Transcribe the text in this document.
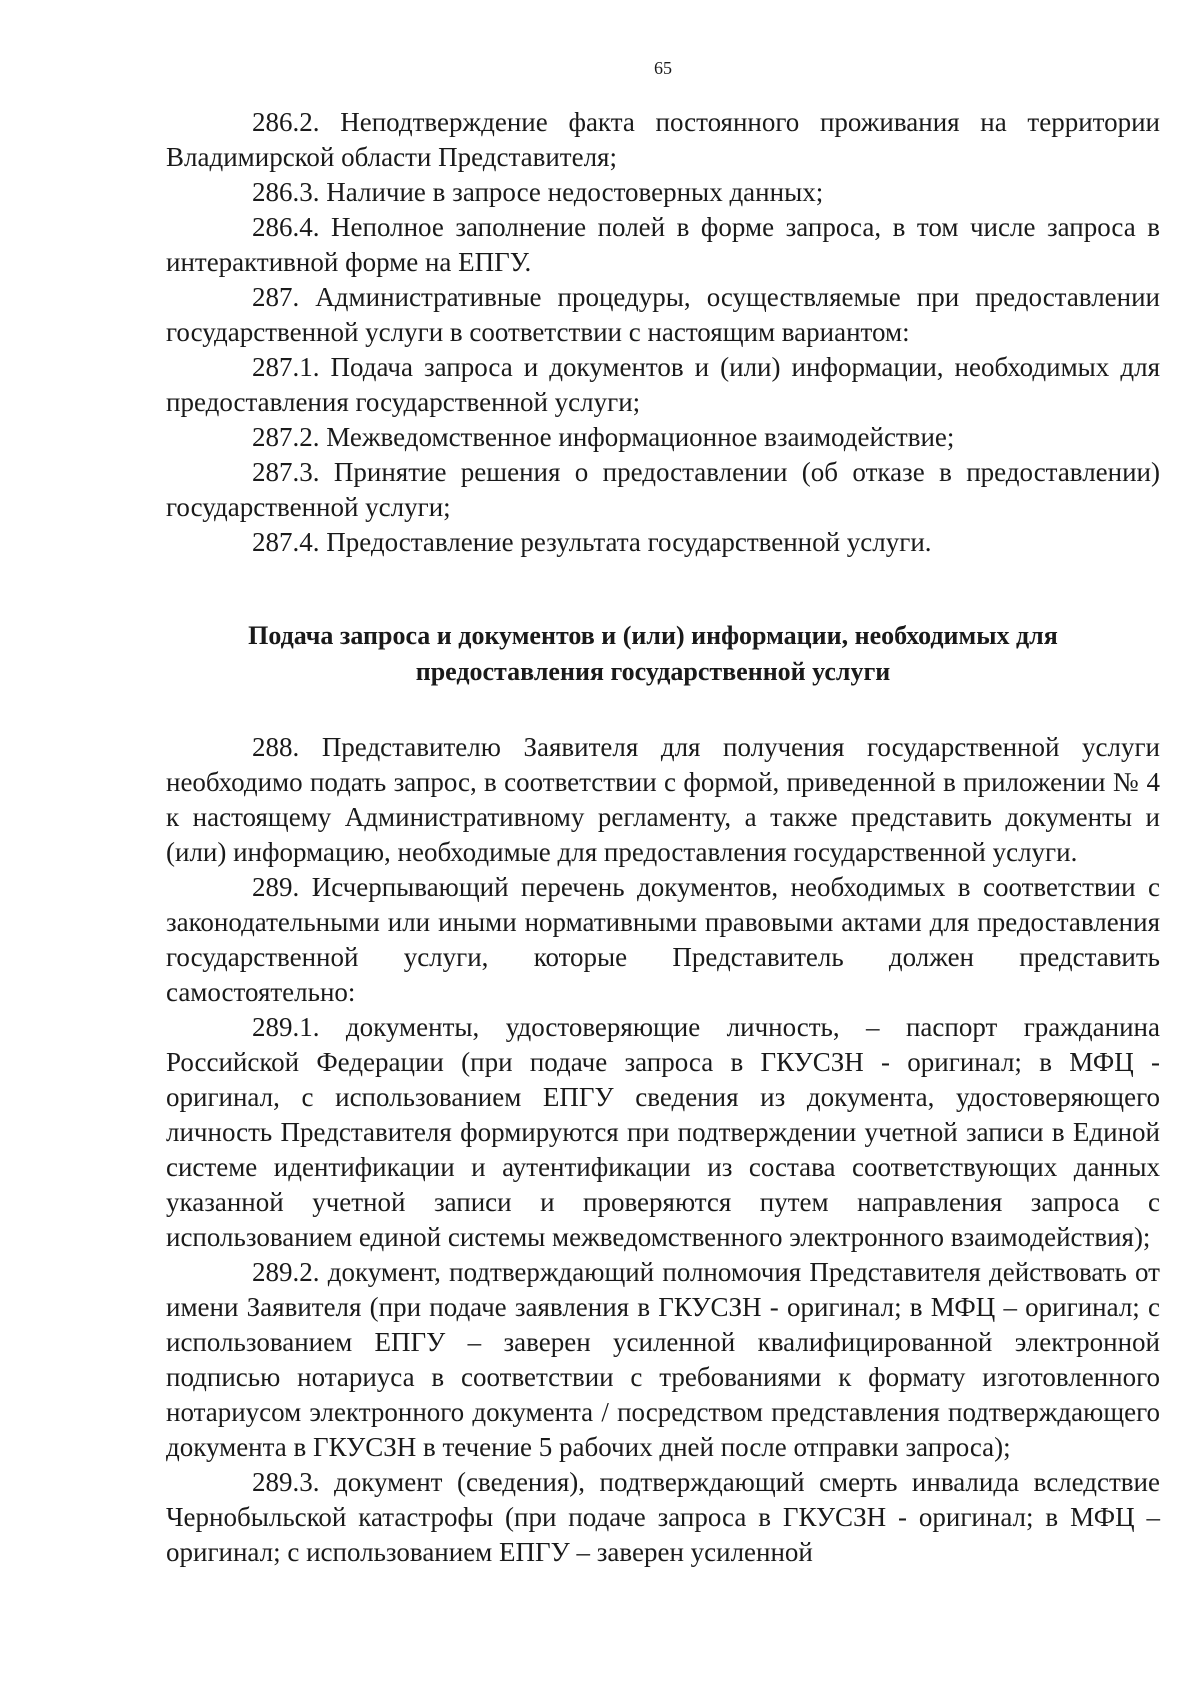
65

286.2. Неподтверждение факта постоянного проживания на территории Владимирской области Представителя;

286.3. Наличие в запросе недостоверных данных;

286.4. Неполное заполнение полей в форме запроса, в том числе запроса в интерактивной форме на ЕПГУ.

287. Административные процедуры, осуществляемые при предоставлении государственной услуги в соответствии с настоящим вариантом:

287.1. Подача запроса и документов и (или) информации, необходимых для предоставления государственной услуги;

287.2. Межведомственное информационное взаимодействие;

287.3. Принятие решения о предоставлении (об отказе в предоставлении) государственной услуги;

287.4. Предоставление результата государственной услуги.

Подача запроса и документов и (или) информации, необходимых для предоставления государственной услуги

288. Представителю Заявителя для получения государственной услуги необходимо подать запрос, в соответствии с формой, приведенной в приложении № 4 к настоящему Административному регламенту, а также представить документы и (или) информацию, необходимые для предоставления государственной услуги.

289. Исчерпывающий перечень документов, необходимых в соответствии с законодательными или иными нормативными правовыми актами для предоставления государственной услуги, которые Представитель должен представить самостоятельно:

289.1. документы, удостоверяющие личность, – паспорт гражданина Российской Федерации (при подаче запроса в ГКУСЗН - оригинал; в МФЦ - оригинал, с использованием ЕПГУ сведения из документа, удостоверяющего личность Представителя формируются при подтверждении учетной записи в Единой системе идентификации и аутентификации из состава соответствующих данных указанной учетной записи и проверяются путем направления запроса с использованием единой системы межведомственного электронного взаимодействия);

289.2. документ, подтверждающий полномочия Представителя действовать от имени Заявителя (при подаче заявления в ГКУСЗН - оригинал; в МФЦ – оригинал; с использованием ЕПГУ – заверен усиленной квалифицированной электронной подписью нотариуса в соответствии с требованиями к формату изготовленного нотариусом электронного документа / посредством представления подтверждающего документа в ГКУСЗН в течение 5 рабочих дней после отправки запроса);

289.3. документ (сведения), подтверждающий смерть инвалида вследствие Чернобыльской катастрофы (при подаче запроса в ГКУСЗН - оригинал; в МФЦ – оригинал; с использованием ЕПГУ – заверен усиленной
